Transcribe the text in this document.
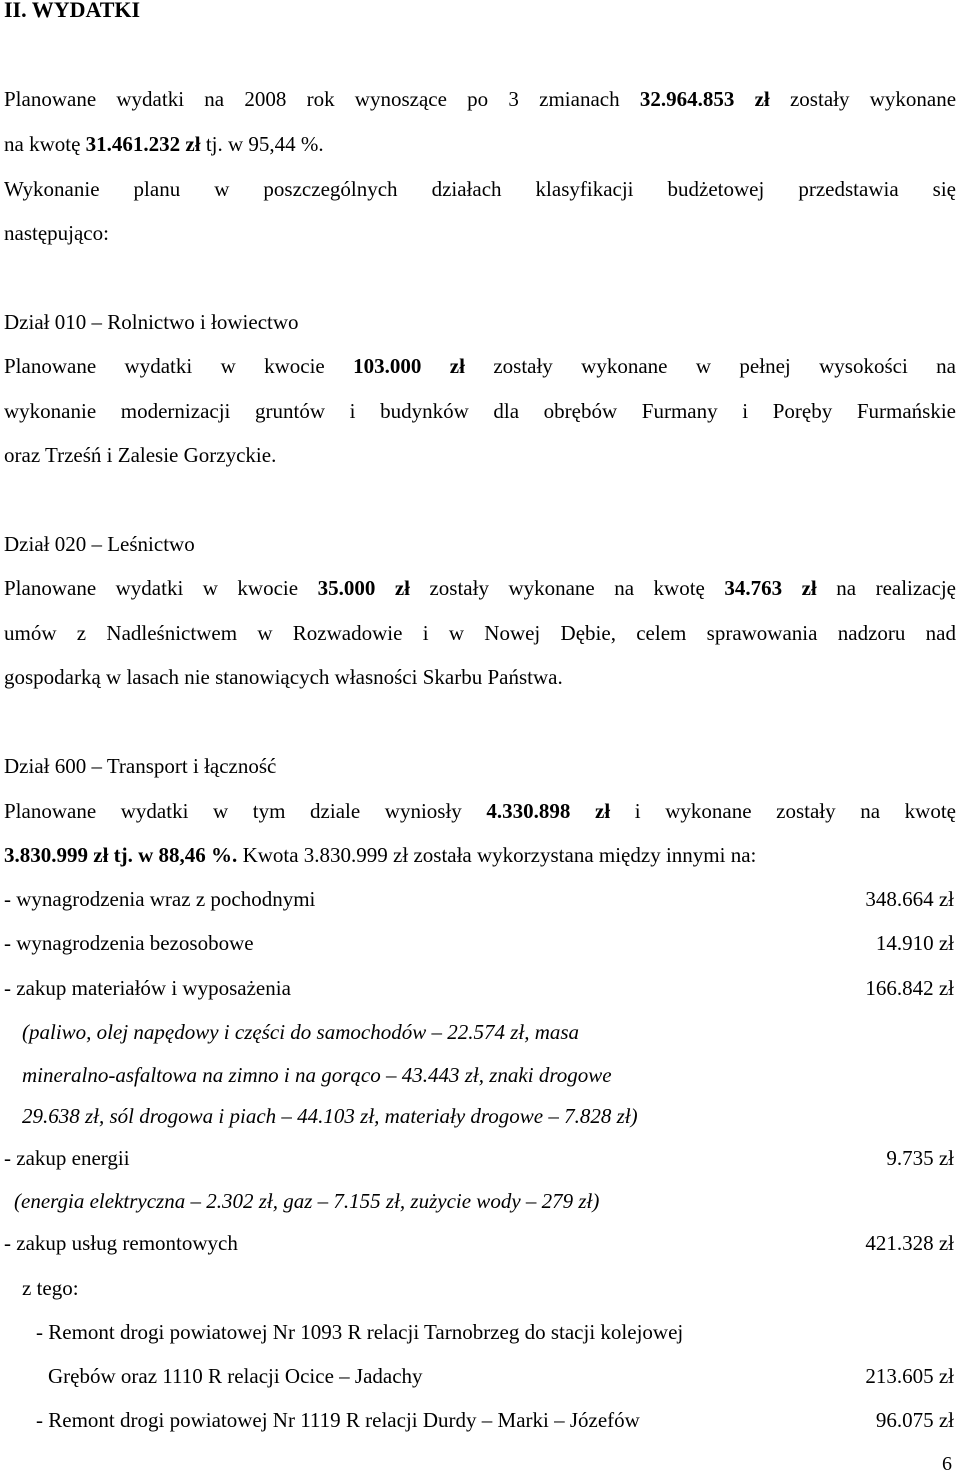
II. WYDATKI
Planowane wydatki na 2008 rok wynoszące po 3 zmianach 32.964.853 zł zostały wykonane
na kwotę 31.461.232 zł tj. w 95,44 %.
Wykonanie planu w poszczególnych działach klasyfikacji budżetowej przedstawia się
następująco:
Dział 010 – Rolnictwo i łowiectwo
Planowane wydatki w kwocie 103.000 zł zostały wykonane w pełnej wysokości na
wykonanie modernizacji gruntów i budynków dla obrębów Furmany i Poręby Furmańskie
oraz Trześń i Zalesie Gorzyckie.
Dział 020 – Leśnictwo
Planowane wydatki w kwocie 35.000 zł zostały wykonane na kwotę 34.763 zł na realizację
umów z Nadleśnictwem w Rozwadowie i w Nowej Dębie, celem sprawowania nadzoru nad
gospodarką w lasach nie stanowiących własności Skarbu Państwa.
Dział 600 – Transport i łączność
Planowane wydatki w tym dziale wyniosły 4.330.898 zł i wykonane zostały na kwotę
3.830.999 zł tj. w 88,46 %. Kwota 3.830.999 zł została wykorzystana między innymi na:
- wynagrodzenia wraz z pochodnymi	348.664 zł
- wynagrodzenia bezosobowe	14.910 zł
- zakup materiałów i wyposażenia	166.842 zł
(paliwo, olej napędowy i części do samochodów – 22.574 zł, masa
mineralno-asfaltowa na zimno i na gorąco – 43.443 zł, znaki drogowe
29.638 zł, sól drogowa i piach – 44.103 zł, materiały drogowe – 7.828 zł)
- zakup energii	9.735 zł
(energia elektryczna – 2.302 zł, gaz – 7.155 zł, zużycie wody – 279 zł)
- zakup usług remontowych	421.328 zł
z tego:
- Remont drogi powiatowej Nr 1093 R relacji Tarnobrzeg do stacji kolejowej
Grębów oraz 1110 R relacji Ocice – Jadachy	213.605 zł
- Remont drogi powiatowej Nr 1119 R relacji Durdy – Marki – Józefów	96.075 zł
6
